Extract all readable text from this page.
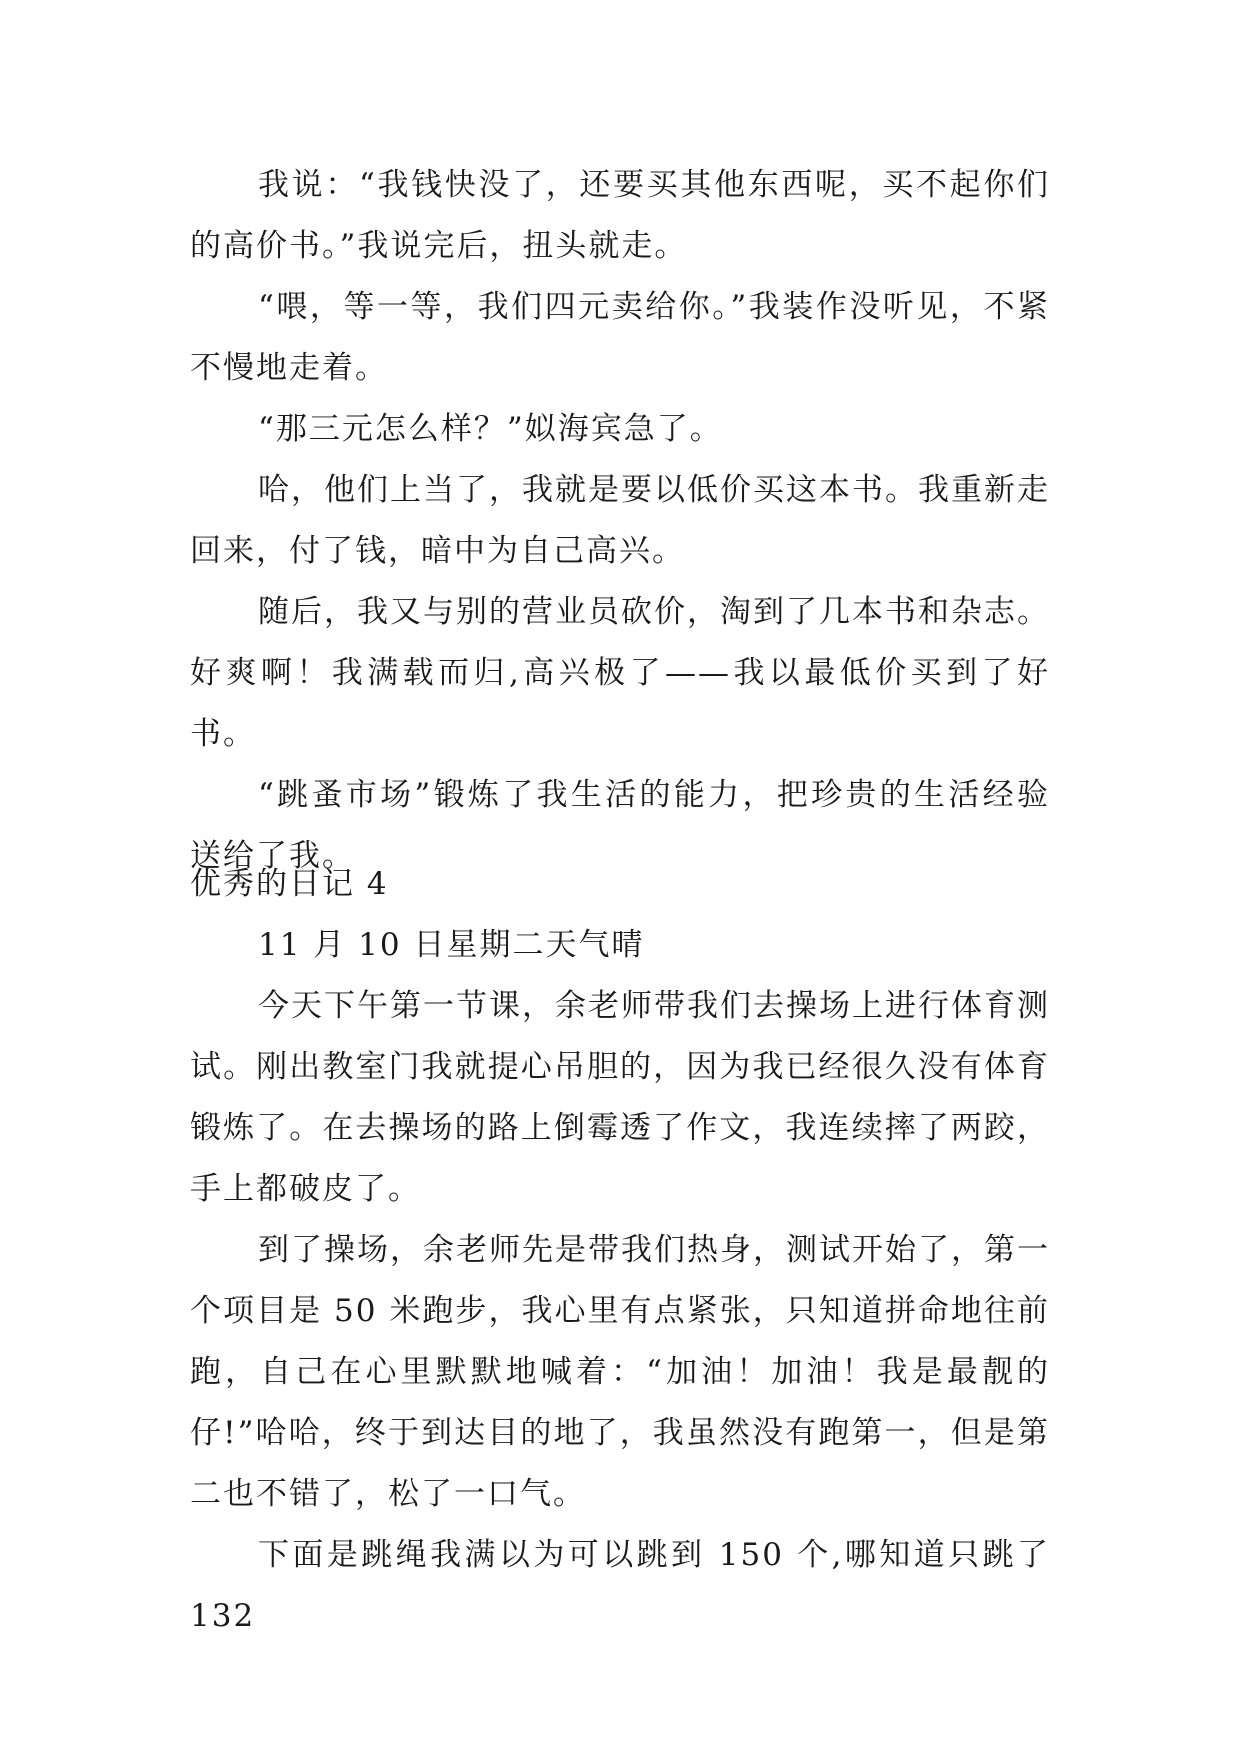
我说：“我钱快没了，还要买其他东西呢，买不起你们的高价书。”我说完后，扭头就走。

“喂，等一等，我们四元卖给你。”我装作没听见，不紧不慢地走着。

“那三元怎么样？”姒海宾急了。

哈，他们上当了，我就是要以低价买这本书。我重新走回来，付了钱，暗中为自己高兴。

随后，我又与别的营业员砍价，淘到了几本书和杂志。好爽啊！我满载而归,高兴极了——我以最低价买到了好书。

“跳蚤市场”锻炼了我生活的能力，把珍贵的生活经验送给了我。

优秀的日记 4

11 月 10 日星期二天气晴

今天下午第一节课，余老师带我们去操场上进行体育测试。刚出教室门我就提心吊胆的，因为我已经很久没有体育锻炼了。在去操场的路上倒霉透了作文，我连续摔了两跤，手上都破皮了。

到了操场，余老师先是带我们热身，测试开始了，第一个项目是 50 米跑步，我心里有点紧张，只知道拼命地往前跑，自己在心里默默地喊着：“加油！加油！我是最靓的仔!”哈哈，终于到达目的地了，我虽然没有跑第一，但是第二也不错了，松了一口气。

下面是跳绳我满以为可以跳到 150 个,哪知道只跳了 132
